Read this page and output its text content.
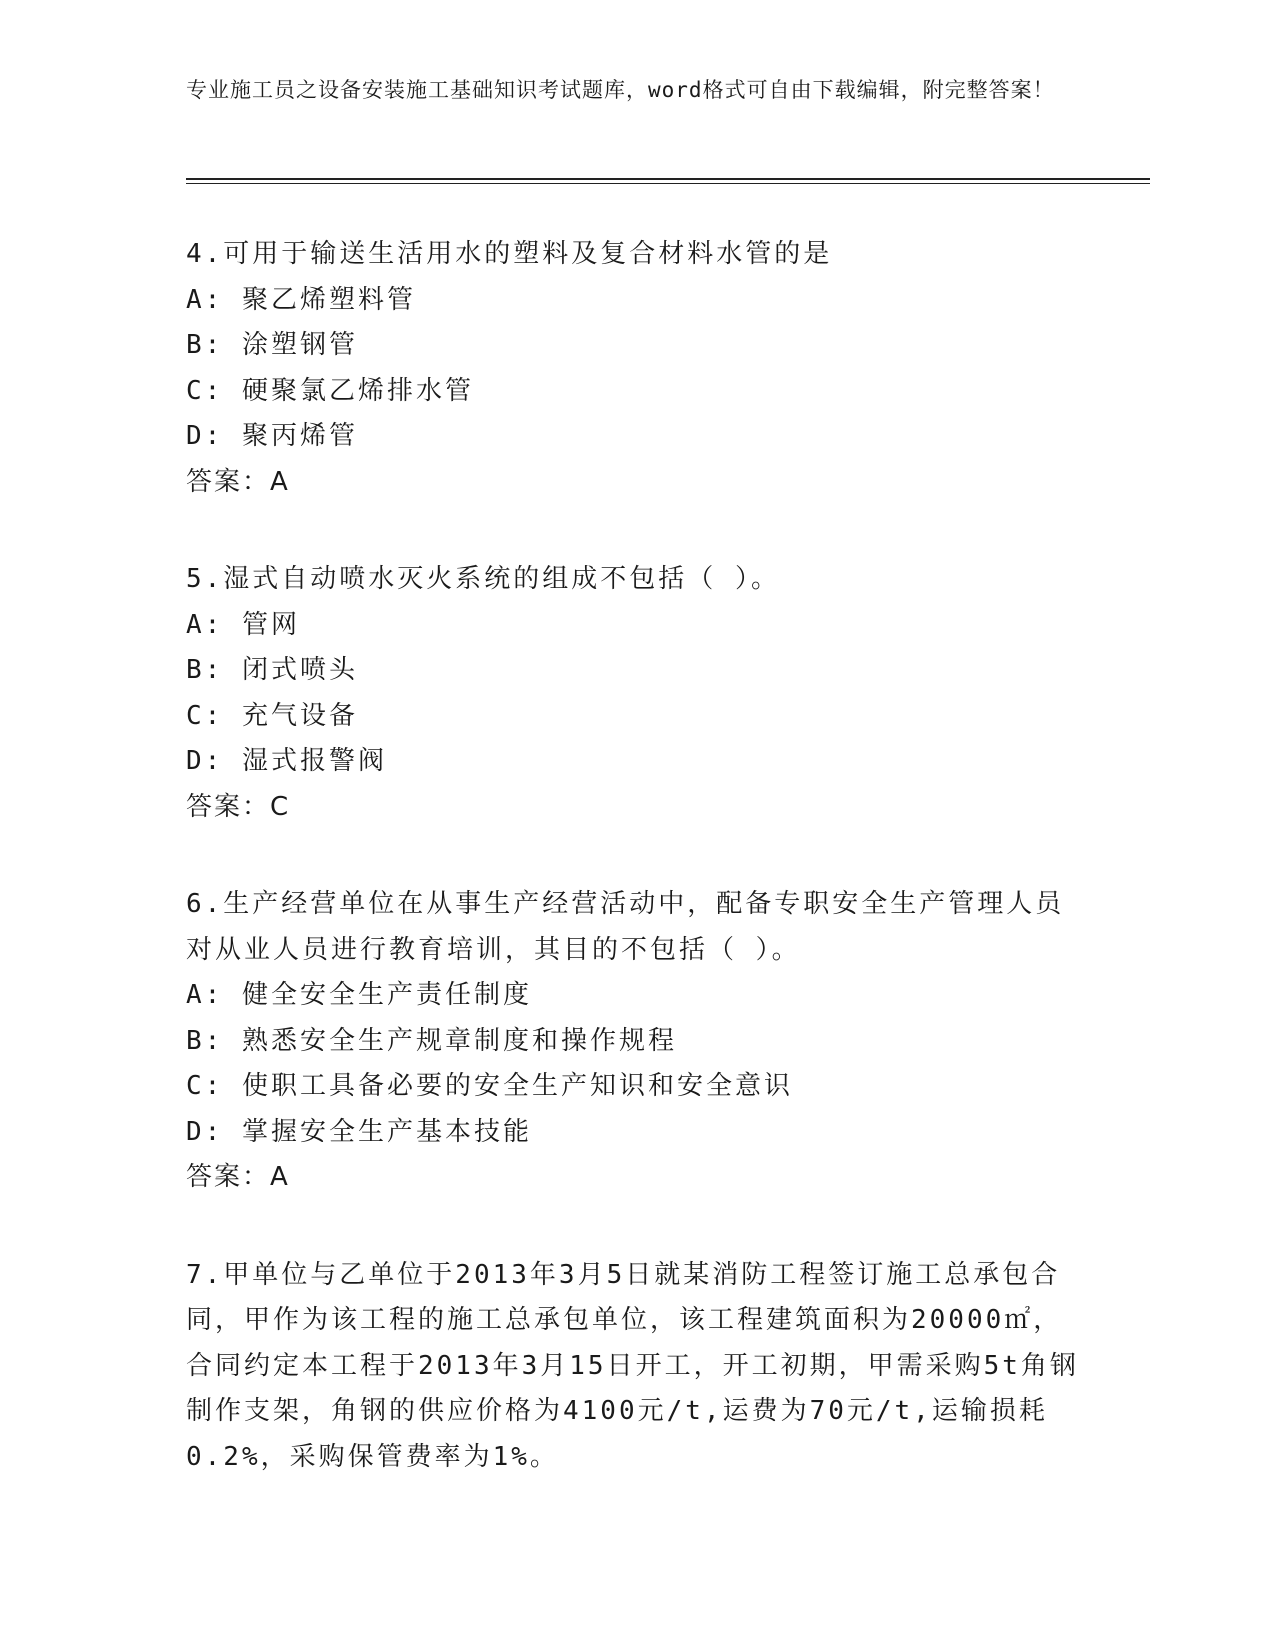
专业施工员之设备安装施工基础知识考试题库，word格式可自由下载编辑，附完整答案！
4.可用于输送生活用水的塑料及复合材料水管的是
A: 聚乙烯塑料管
B: 涂塑钢管
C: 硬聚氯乙烯排水管
D: 聚丙烯管
答案：A
5.湿式自动喷水灭火系统的组成不包括（ ）。
A: 管网
B: 闭式喷头
C: 充气设备
D: 湿式报警阀
答案：C
6.生产经营单位在从事生产经营活动中，配备专职安全生产管理人员对从业人员进行教育培训，其目的不包括（ ）。
A: 健全安全生产责任制度
B: 熟悉安全生产规章制度和操作规程
C: 使职工具备必要的安全生产知识和安全意识
D: 掌握安全生产基本技能
答案：A
7.甲单位与乙单位于2013年3月5日就某消防工程签订施工总承包合同，甲作为该工程的施工总承包单位，该工程建筑面积为20000㎡，合同约定本工程于2013年3月15日开工，开工初期，甲需采购5t角钢制作支架，角钢的供应价格为4100元/t,运费为70元/t,运输损耗0.2%，采购保管费率为1%。
